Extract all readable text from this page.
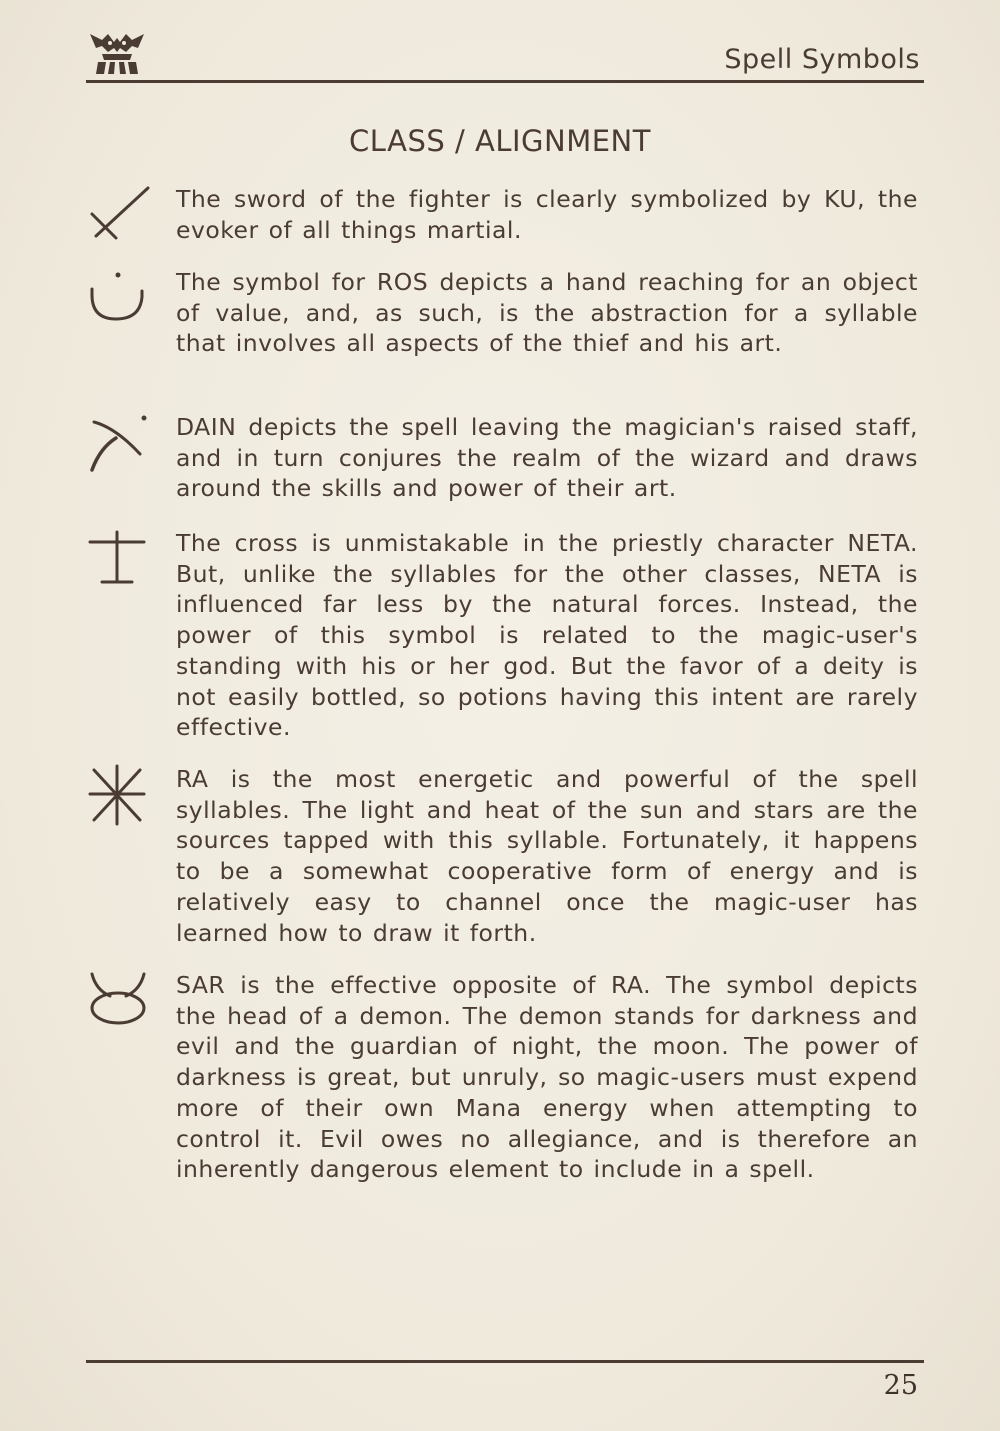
Spell Symbols
CLASS / ALIGNMENT
The sword of the fighter is clearly symbolized by KU, the evoker of all things martial.
The symbol for ROS depicts a hand reaching for an object of value, and, as such, is the abstraction for a syllable that involves all aspects of the thief and his art.
DAIN depicts the spell leaving the magician's raised staff, and in turn conjures the realm of the wizard and draws around the skills and power of their art.
The cross is unmistakable in the priestly character NETA. But, unlike the syllables for the other classes, NETA is influenced far less by the natural forces. Instead, the power of this symbol is related to the magic-user's standing with his or her god. But the favor of a deity is not easily bottled, so potions having this intent are rarely effective.
RA is the most energetic and powerful of the spell syllables. The light and heat of the sun and stars are the sources tapped with this syllable. Fortunately, it happens to be a somewhat cooperative form of energy and is relatively easy to channel once the magic-user has learned how to draw it forth.
SAR is the effective opposite of RA. The symbol depicts the head of a demon. The demon stands for darkness and evil and the guardian of night, the moon. The power of darkness is great, but unruly, so magic-users must expend more of their own Mana energy when attempting to control it. Evil owes no allegiance, and is therefore an inherently dangerous element to include in a spell.
25
